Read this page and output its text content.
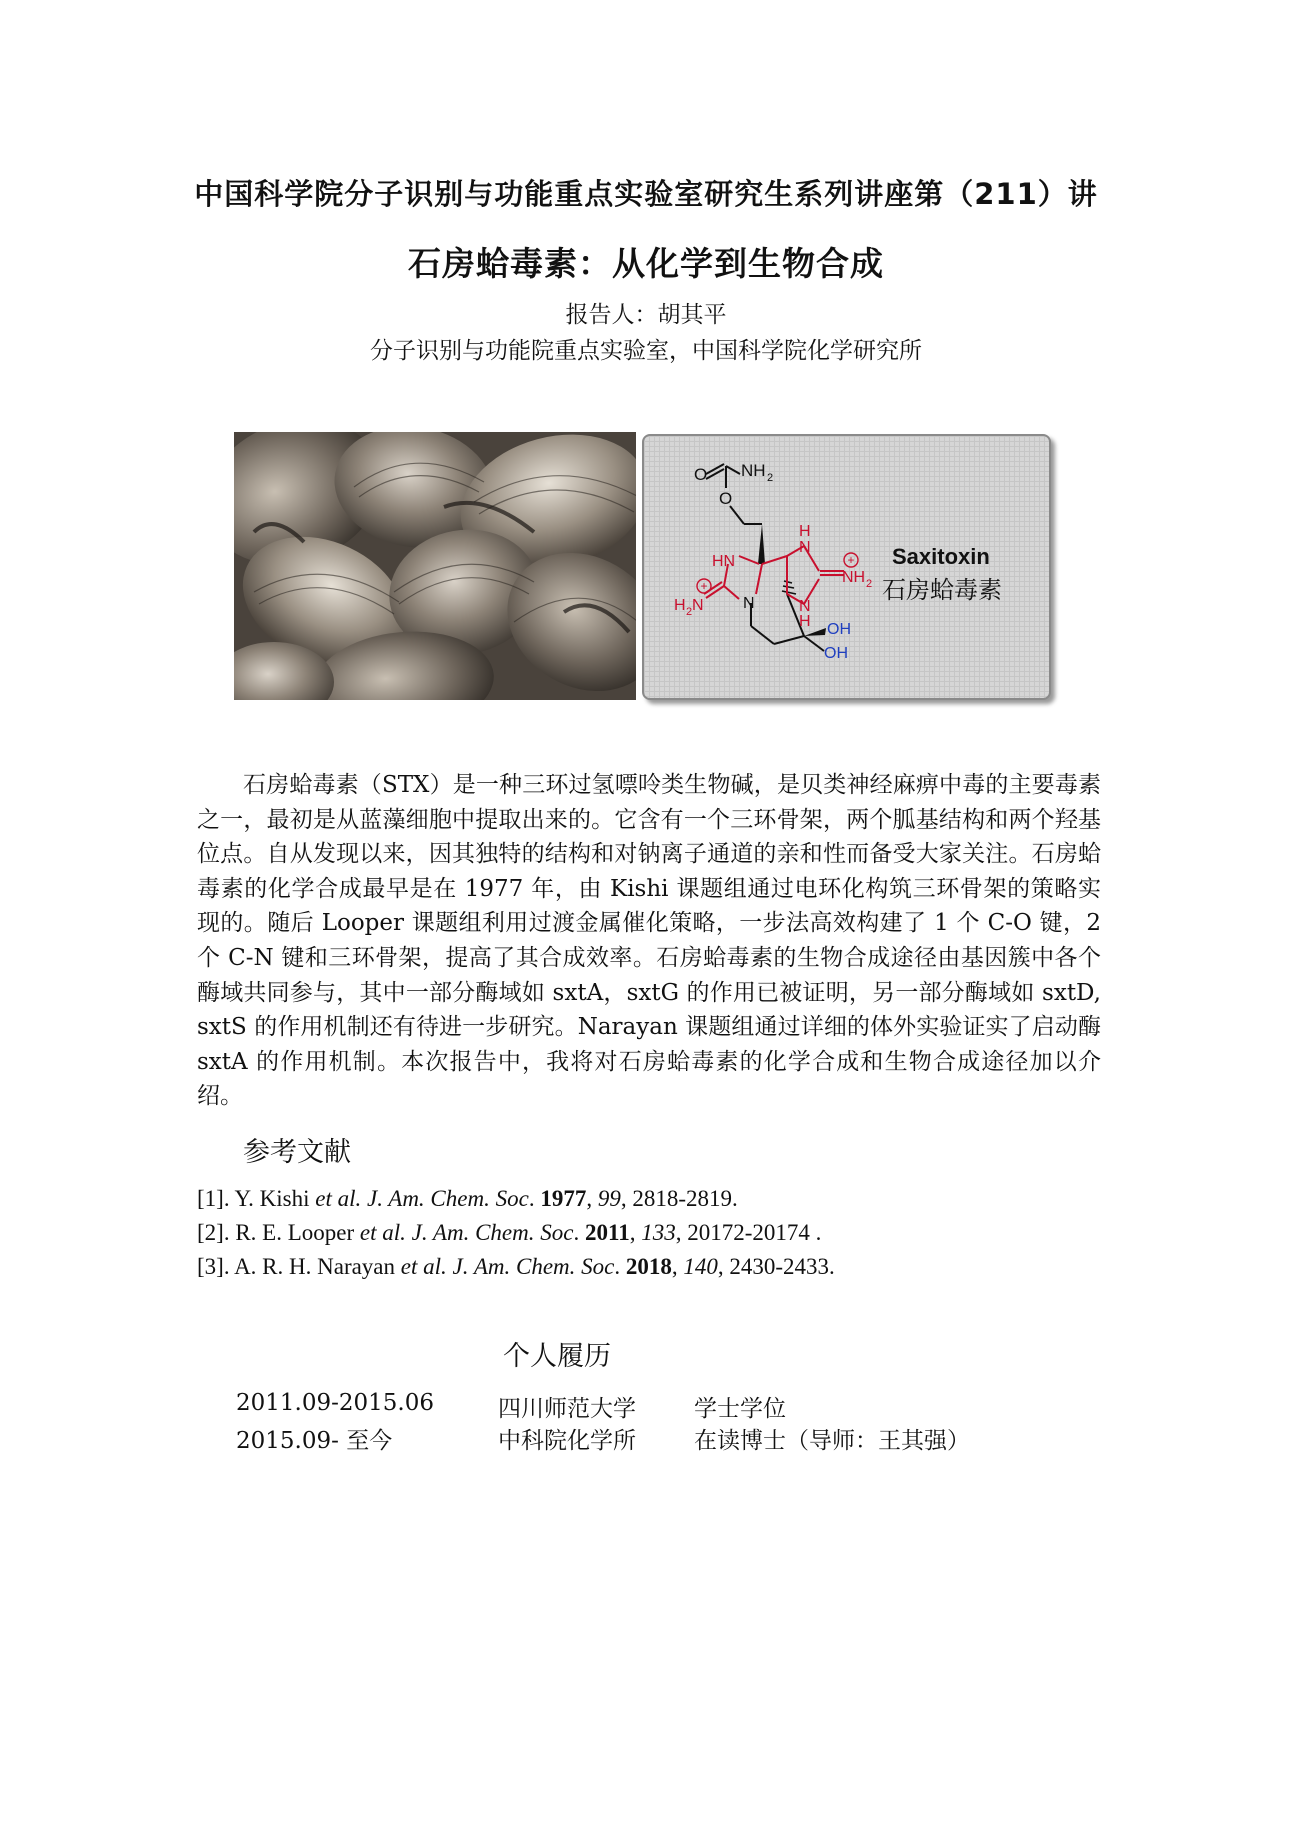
中国科学院分子识别与功能重点实验室研究生系列讲座第（211）讲
石房蛤毒素：从化学到生物合成
报告人：胡其平
分子识别与功能院重点实验室，中国科学院化学研究所
O NH 2
O
HN
N
H
N
NH 2
N
H
H 2 N
OH
OH
+
+
Saxitoxin
石房蛤毒素

石房蛤毒素（STX）是一种三环过氢嘌呤类生物碱，是贝类神经麻痹中毒的主要毒素之一，最初是从蓝藻细胞中提取出来的。它含有一个三环骨架，两个胍基结构和两个羟基位点。自从发现以来，因其独特的结构和对钠离子通道的亲和性而备受大家关注。石房蛤毒素的化学合成最早是在 1977 年，由 Kishi 课题组通过电环化构筑三环骨架的策略实现的。随后 Looper 课题组利用过渡金属催化策略，一步法高效构建了 1 个 C-O 键，2 个 C-N 键和三环骨架，提高了其合成效率。石房蛤毒素的生物合成途径由基因簇中各个酶域共同参与，其中一部分酶域如 sxtA，sxtG 的作用已被证明，另一部分酶域如 sxtD, sxtS 的作用机制还有待进一步研究。Narayan 课题组通过详细的体外实验证实了启动酶 sxtA 的作用机制。本次报告中，我将对石房蛤毒素的化学合成和生物合成途径加以介绍。

参考文献
[1]. Y. Kishi et al. J. Am. Chem. Soc. 1977, 99, 2818-2819.
[2]. R. E. Looper et al. J. Am. Chem. Soc. 2011, 133, 20172-20174 .
[3]. A. R. H. Narayan et al. J. Am. Chem. Soc. 2018, 140, 2430-2433.
个人履历
2011.09-2015.06	四川师范大学	学士学位
2015.09- 至今	中科院化学所	在读博士（导师：王其强）
